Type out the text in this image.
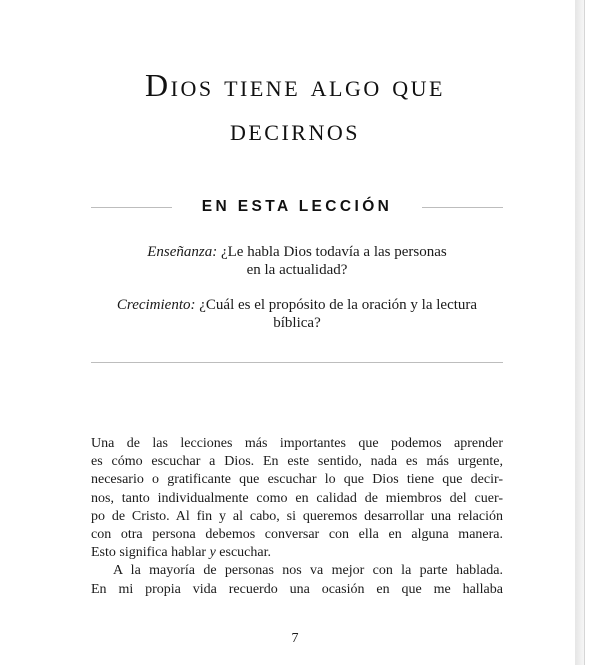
Dios tiene algo que
decirnos
EN ESTA LECCIÓN
Enseñanza: ¿Le habla Dios todavía a las personas
en la actualidad?
Crecimiento: ¿Cuál es el propósito de la oración y la lectura
bíblica?
Una de las lecciones más importantes que podemos aprender
es cómo escuchar a Dios. En este sentido, nada es más urgente,
necesario o gratificante que escuchar lo que Dios tiene que decir-
nos, tanto individualmente como en calidad de miembros del cuer-
po de Cristo. Al fin y al cabo, si queremos desarrollar una relación
con otra persona debemos conversar con ella en alguna manera.
Esto significa hablar y escuchar.
A la mayoría de personas nos va mejor con la parte hablada.
En mi propia vida recuerdo una ocasión en que me hallaba
7
